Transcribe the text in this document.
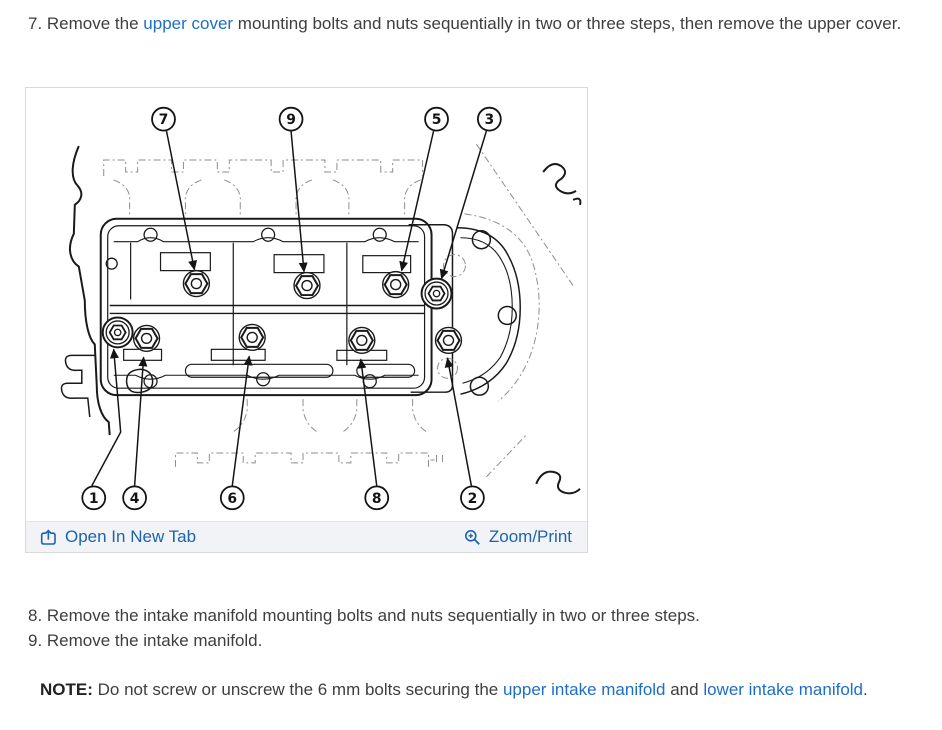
7. Remove the upper cover mounting bolts and nuts sequentially in two or three steps, then remove the upper cover.

7	9	5	3
1 4	6	8	2
Open In New Tab	Zoom/Print

8. Remove the intake manifold mounting bolts and nuts sequentially in two or three steps.

9. Remove the intake manifold.

NOTE: Do not screw or unscrew the 6 mm bolts securing the upper intake manifold and lower intake manifold.
